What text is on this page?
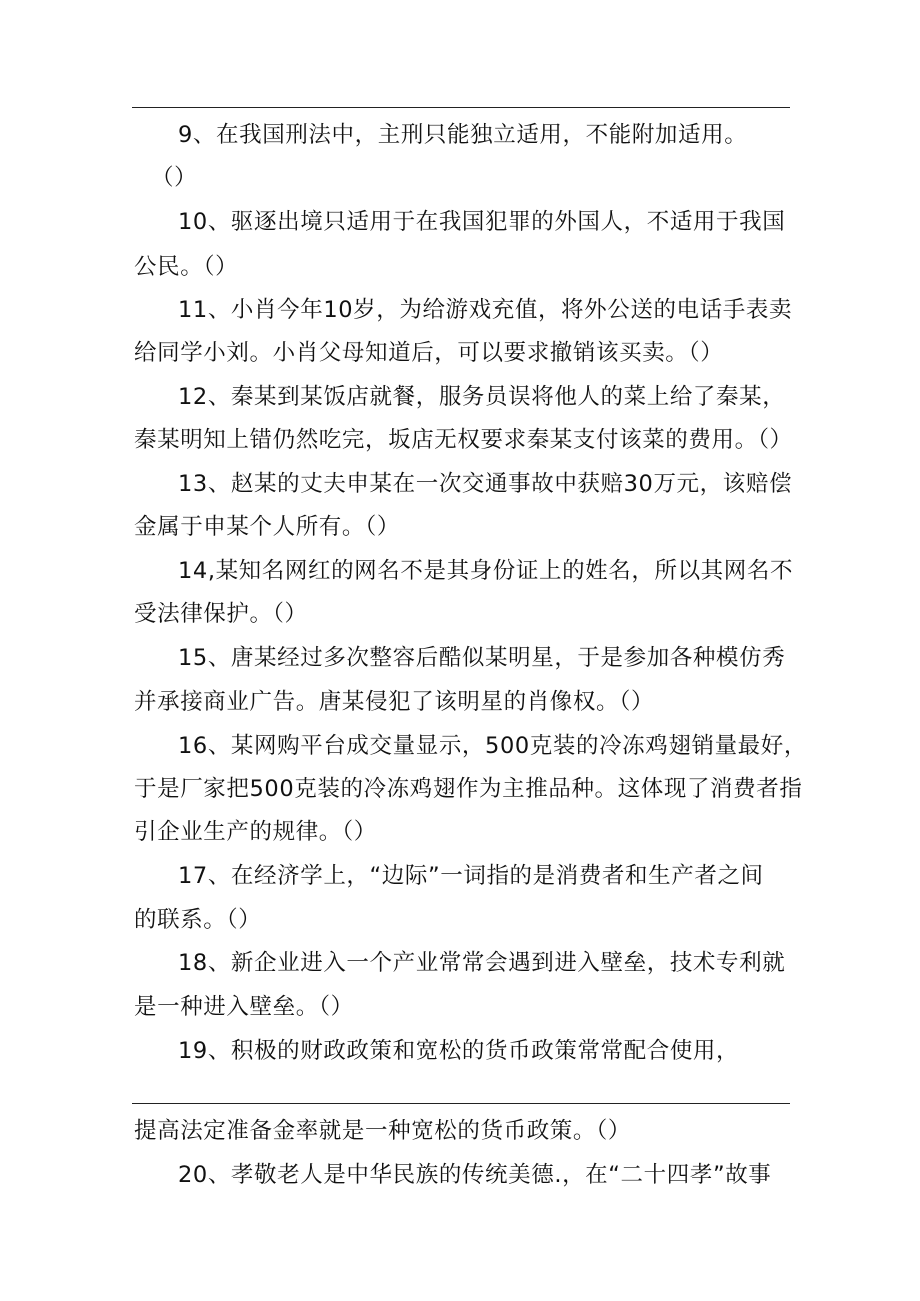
9、在我国刑法中，主刑只能独立适用，不能附加适用。
（）
10、驱逐出境只适用于在我国犯罪的外国人，不适用于我国
公民。（）
11、小肖今年10岁，为给游戏充值，将外公送的电话手表卖
给同学小刘。小肖父母知道后，可以要求撤销该买卖。（）
12、秦某到某饭店就餐，服务员误将他人的菜上给了秦某，
秦某明知上错仍然吃完，坂店无权要求秦某支付该菜的费用。（）
13、赵某的丈夫申某在一次交通事故中获赔30万元，该赔偿
金属于申某个人所有。（）
14,某知名网红的网名不是其身份证上的姓名，所以其网名不
受法律保护。（）
15、唐某经过多次整容后酷似某明星，于是参加各种模仿秀
并承接商业广告。唐某侵犯了该明星的肖像权。（）
16、某网购平台成交量显示，500克装的冷冻鸡翅销量最好，
于是厂家把500克装的冷冻鸡翅作为主推品种。这体现了消费者指
引企业生产的规律。（）
17、在经济学上，“边际”一词指的是消费者和生产者之间
的联系。（）
18、新企业进入一个产业常常会遇到进入壁垒，技术专利就
是一种进入壁垒。（）
19、积极的财政政策和宽松的货币政策常常配合使用，
提高法定准备金率就是一种宽松的货币政策。（）
20、孝敬老人是中华民族的传统美德.，在“二十四孝”故事
